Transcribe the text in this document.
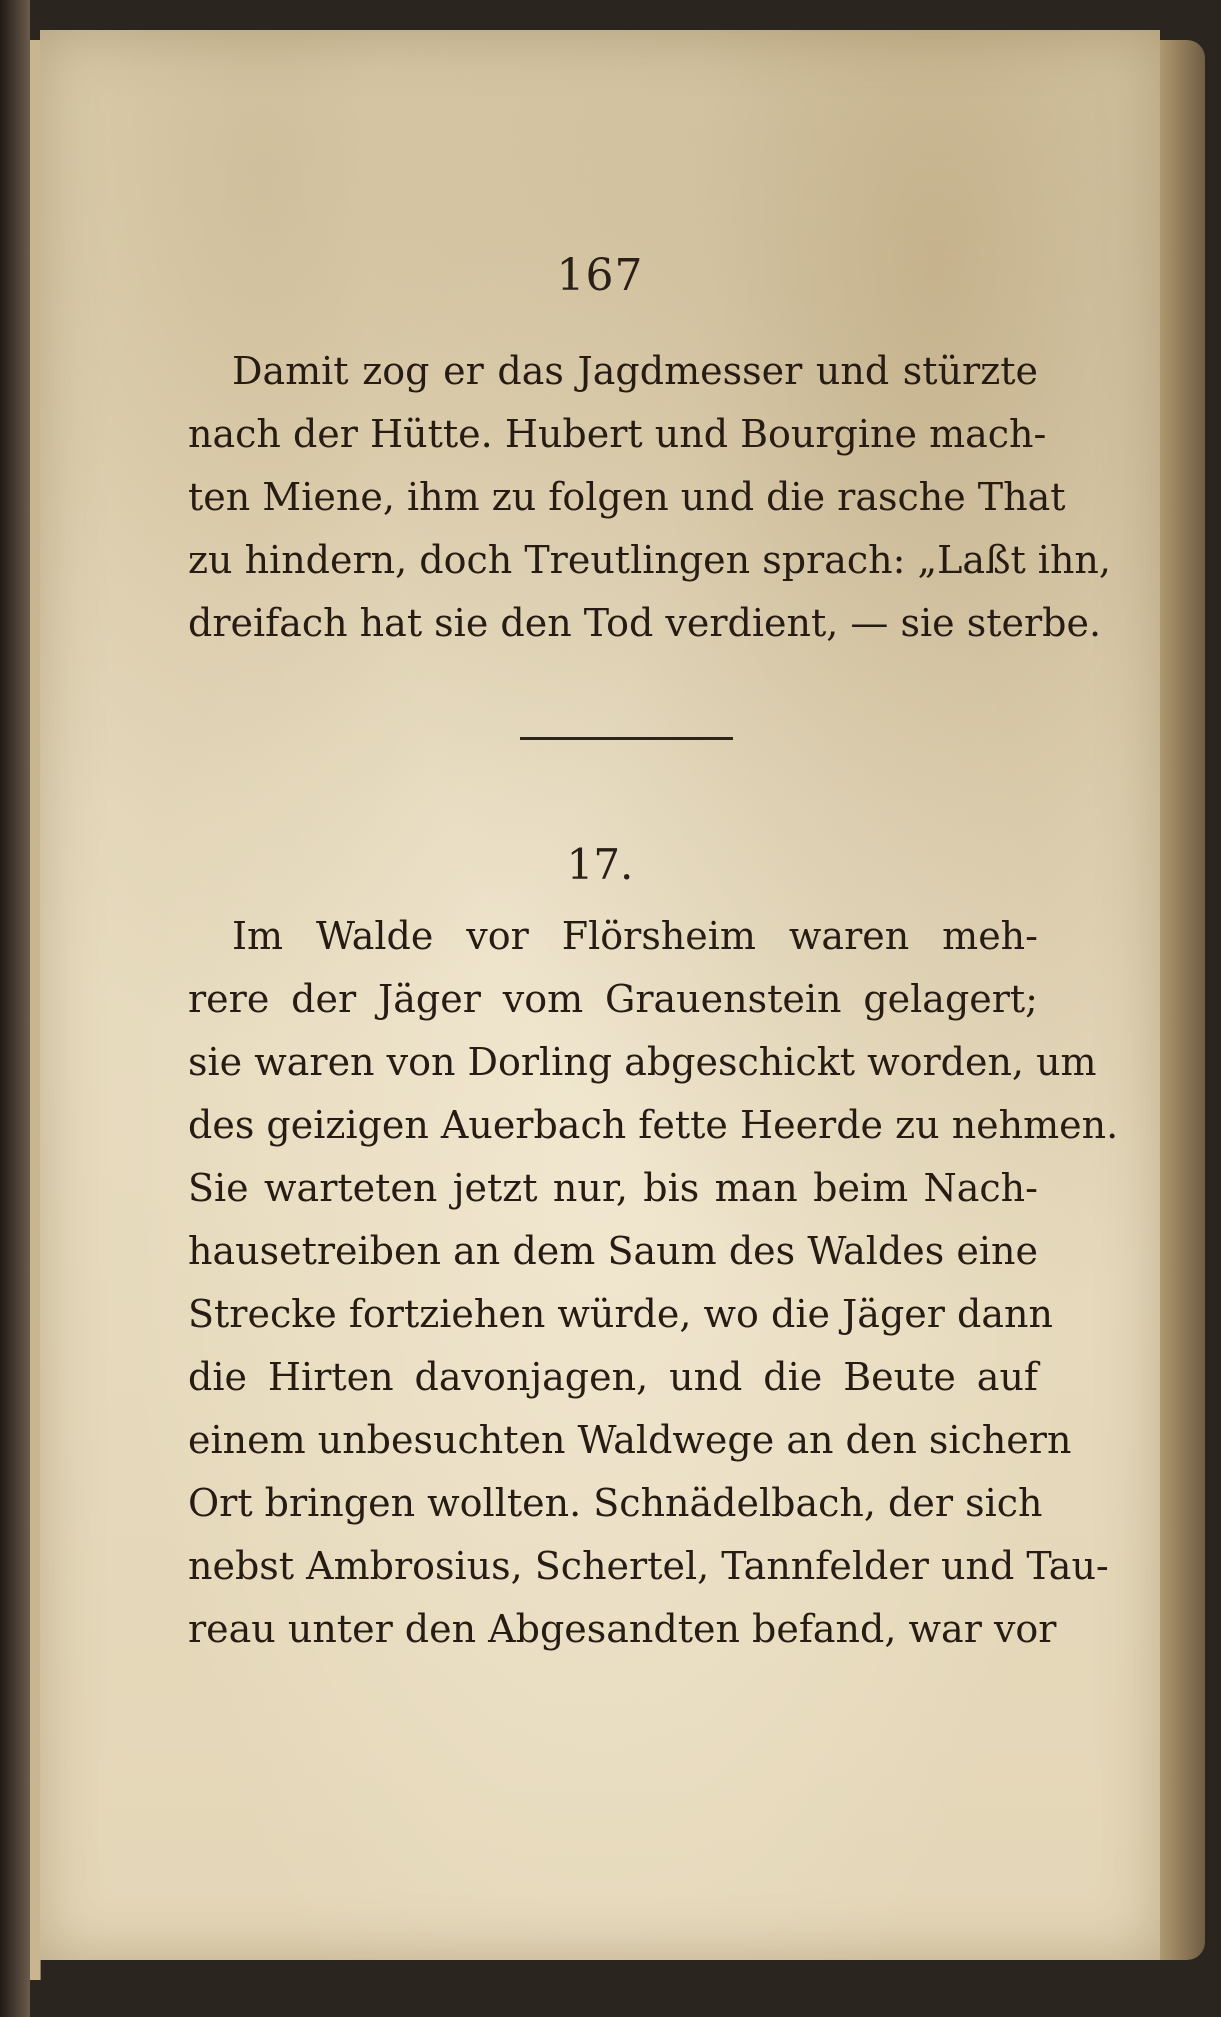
167
Damit zog er das Jagdmesser und stürzte
nach der Hütte. Hubert und Bourgine mach-
ten Miene, ihm zu folgen und die rasche That
zu hindern, doch Treutlingen sprach: „Laßt ihn,
dreifach hat sie den Tod verdient, — sie sterbe.
17.
Im Walde vor Flörsheim waren meh-
rere der Jäger vom Grauenstein gelagert;
sie waren von Dorling abgeschickt worden, um
des geizigen Auerbach fette Heerde zu nehmen.
Sie warteten jetzt nur, bis man beim Nach-
hausetreiben an dem Saum des Waldes eine
Strecke fortziehen würde, wo die Jäger dann
die Hirten davonjagen, und die Beute auf
einem unbesuchten Waldwege an den sichern
Ort bringen wollten. Schnädelbach, der sich
nebst Ambrosius, Schertel, Tannfelder und Tau-
reau unter den Abgesandten befand, war vor
